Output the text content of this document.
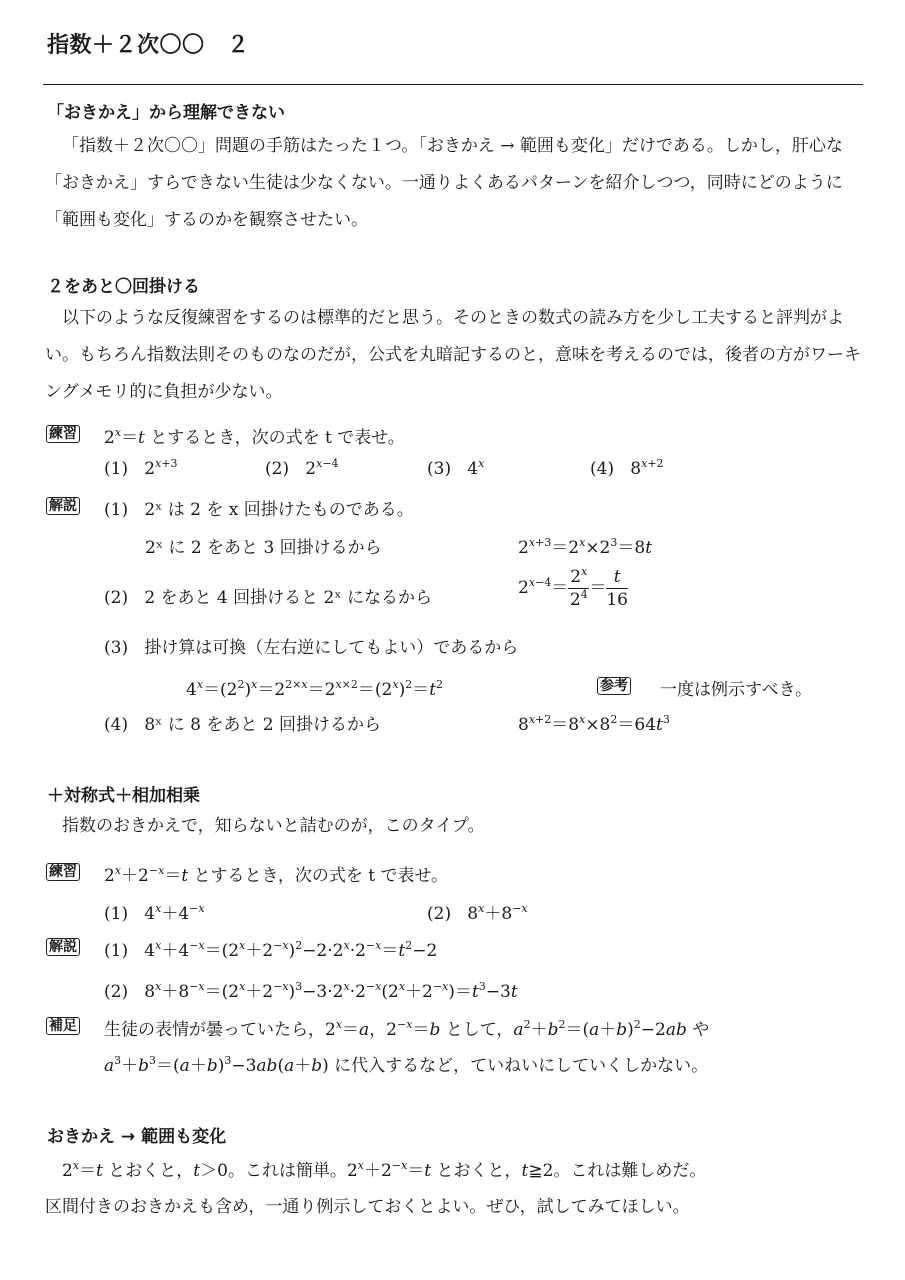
指数＋２次〇〇　２
「おきかえ」から理解できない
「指数＋２次〇〇」問題の手筋はたった１つ。「おきかえ → 範囲も変化」だけである。しかし，肝心な「おきかえ」すらできない生徒は少なくない。一通りよくあるパターンを紹介しつつ，同時にどのように「範囲も変化」するのかを観察させたい。
２をあと〇回掛ける
以下のような反復練習をするのは標準的だと思う。そのときの数式の読み方を少し工夫すると評判がよい。もちろん指数法則そのものなのだが，公式を丸暗記するのと，意味を考えるのでは，後者の方がワーキングメモリ的に負担が少ない。
練習 $2^x=t$ とするとき，次の式を t で表せ。
(1)   $2^{x+3}$	(2)   $2^{x-4}$	(3)   4$^x$	(4)   $8^{x+2}$
解説 (1) 2ˣ は 2 を x 回掛けたものである。
2ˣ に 2 をあと 3 回掛けるから	$2^{x+3}=2^x\times 2^3=8t$
(2) 2 をあと 4 回掛けると 2ˣ になるから	$2^{x-4}= \frac{2^x}{2^4} = \frac{t}{16}$
(3) 掛け算は可換（左右逆にしてもよい）であるから
$4^x=(2^2)^x=2^{2\times x}=2^{x\times 2}=(2^x)^2=t^2$	参考 一度は例示すべき。
(4) 8ˣ に 8 をあと 2 回掛けるから	$8^{x+2}=8^x\times 8^2=64t^3$
＋対称式＋相加相乗
指数のおきかえで，知らないと詰むのが，このタイプ。
練習 $2^x+2^{-x}=t$ とするとき，次の式を t で表せ。
(1)   $4^x+4^{-x}$	(2)   $8^x+8^{-x}$
解説 (1)   $4^x+4^{-x}=(2^x+2^{-x})^2-2\cdot 2^x\cdot 2^{-x}=t^2-2$
(2)   $8^x+8^{-x}=(2^x+2^{-x})^3-3\cdot 2^x\cdot 2^{-x}(2^x+2^{-x})=t^3-3t$
補足 生徒の表情が曇っていたら，$2^x=a$，$2^{-x}=b$ として，$a^2+b^2=(a+b)^2-2ab$ や
$a^3+b^3=(a+b)^3-3ab(a+b)$ に代入するなど，ていねいにしていくしかない。
おきかえ → 範囲も変化
$2^x=t$ とおくと，t＞0。これは簡単。$2^x+2^{-x}=t$ とおくと，t≧2。これは難しめだ。
区間付きのおきかえも含め，一通り例示しておくとよい。ぜひ，試してみてほしい。
